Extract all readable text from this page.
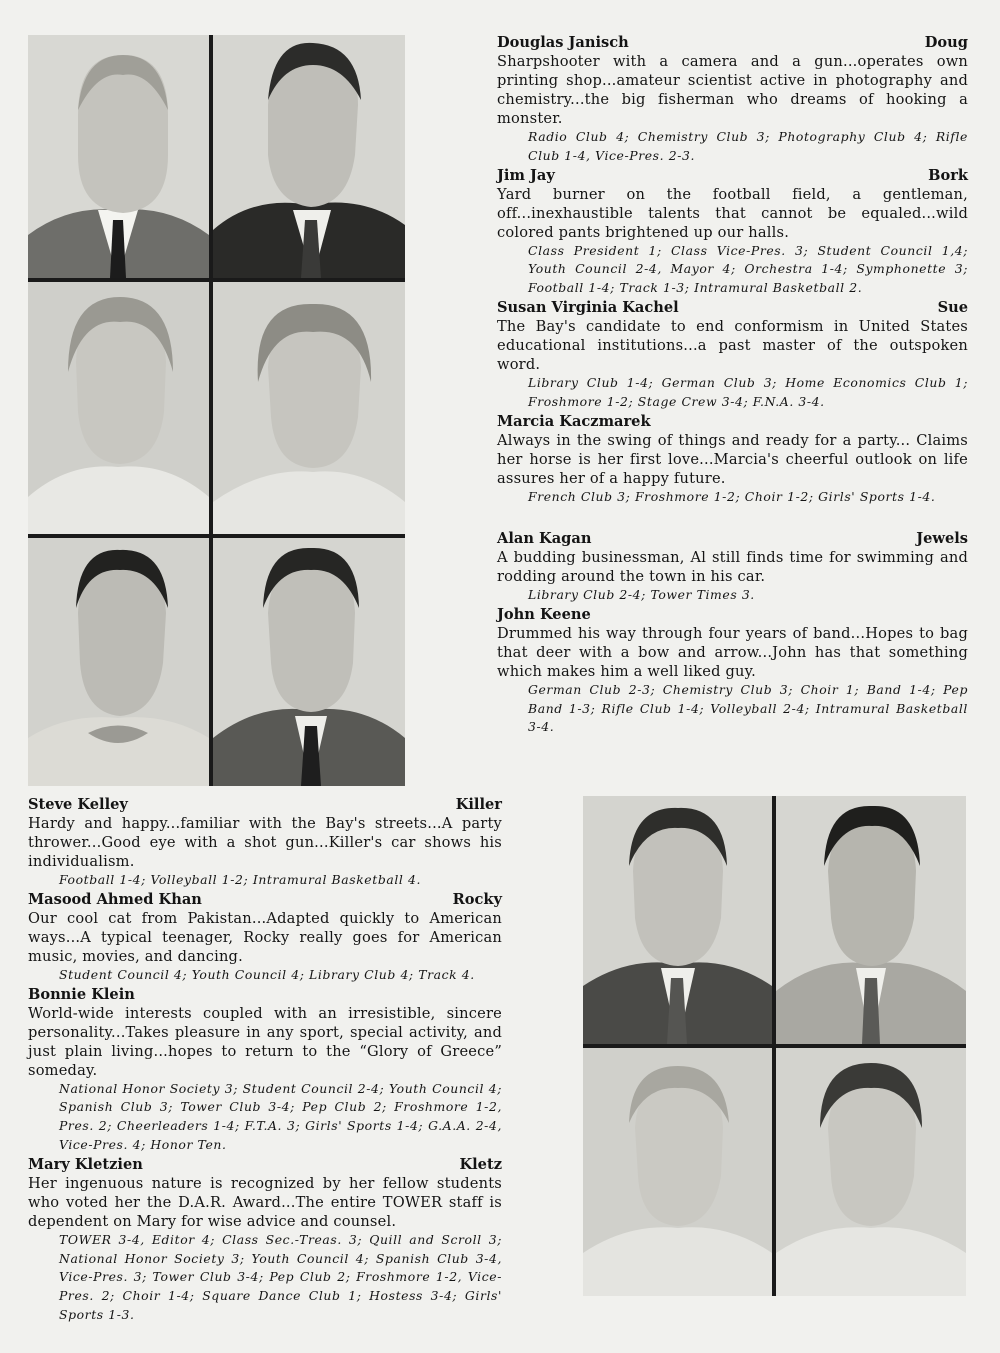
Douglas Janisch	Doug
Sharpshooter with a camera and a gun...operates own printing shop...amateur scientist active in photography and chemistry...the big fisherman who dreams of hooking a monster.
Radio Club 4; Chemistry Club 3; Photography Club 4; Rifle Club 1-4, Vice-Pres. 2-3.
Jim Jay	Bork
Yard burner on the football field, a gentleman, off...inexhaustible talents that cannot be equaled...wild colored pants brightened up our halls.
Class President 1; Class Vice-Pres. 3; Student Council 1,4; Youth Council 2-4, Mayor 4; Orchestra 1-4; Symphonette 3; Football 1-4; Track 1-3; Intramural Basketball 2.
Susan Virginia Kachel	Sue
The Bay's candidate to end conformism in United States educational institutions...a past master of the outspoken word.
Library Club 1-4; German Club 3; Home Economics Club 1; Froshmore 1-2; Stage Crew 3-4; F.N.A. 3-4.
Marcia Kaczmarek
Always in the swing of things and ready for a party... Claims her horse is her first love...Marcia's cheerful outlook on life assures her of a happy future.
French Club 3; Froshmore 1-2; Choir 1-2; Girls' Sports 1-4.
Alan Kagan	Jewels
A budding businessman, Al still finds time for swimming and rodding around the town in his car.
Library Club 2-4; Tower Times 3.
John Keene
Drummed his way through four years of band...Hopes to bag that deer with a bow and arrow...John has that something which makes him a well liked guy.
German Club 2-3; Chemistry Club 3; Choir 1; Band 1-4; Pep Band 1-3; Rifle Club 1-4; Volleyball 2-4; Intramural Basketball 3-4.
Steve Kelley	Killer
Hardy and happy...familiar with the Bay's streets...A party thrower...Good eye with a shot gun...Killer's car shows his individualism.
Football 1-4; Volleyball 1-2; Intramural Basketball 4.
Masood Ahmed Khan	Rocky
Our cool cat from Pakistan...Adapted quickly to American ways...A typical teenager, Rocky really goes for American music, movies, and dancing.
Student Council 4; Youth Council 4; Library Club 4; Track 4.
Bonnie Klein
World-wide interests coupled with an irresistible, sincere personality...Takes pleasure in any sport, special activity, and just plain living...hopes to return to the “Glory of Greece” someday.
National Honor Society 3; Student Council 2-4; Youth Council 4; Spanish Club 3; Tower Club 3-4; Pep Club 2; Froshmore 1-2, Pres. 2; Cheerleaders 1-4; F.T.A. 3; Girls' Sports 1-4; G.A.A. 2-4, Vice-Pres. 4; Honor Ten.
Mary Kletzien	Kletz
Her ingenuous nature is recognized by her fellow students who voted her the D.A.R. Award...The entire TOWER staff is dependent on Mary for wise advice and counsel.
TOWER 3-4, Editor 4; Class Sec.-Treas. 3; Quill and Scroll 3; National Honor Society 3; Youth Council 4; Spanish Club 3-4, Vice-Pres. 3; Tower Club 3-4; Pep Club 2; Froshmore 1-2, Vice-Pres. 2; Choir 1-4; Square Dance Club 1; Hostess 3-4; Girls' Sports 1-3.
